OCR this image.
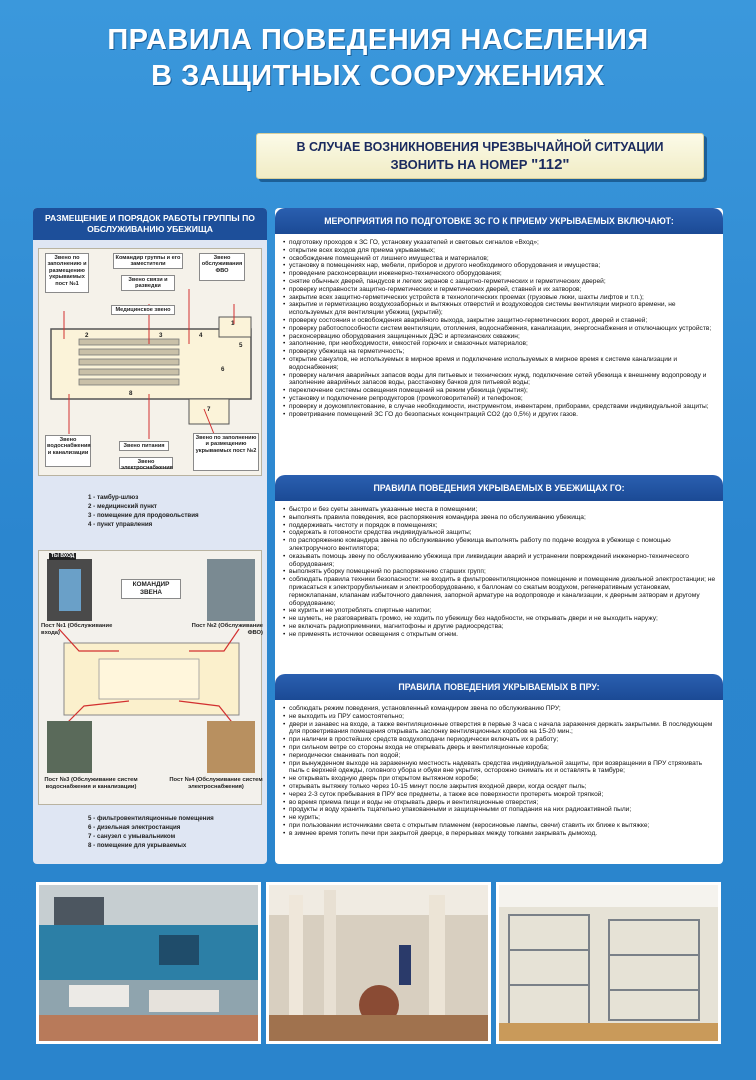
ПРАВИЛА ПОВЕДЕНИЯ НАСЕЛЕНИЯ
В ЗАЩИТНЫХ СООРУЖЕНИЯХ
В СЛУЧАЕ ВОЗНИКНОВЕНИЯ ЧРЕЗВЫЧАЙНОЙ СИТУАЦИИ
ЗВОНИТЬ НА НОМЕР "112"
РАЗМЕЩЕНИЕ И ПОРЯДОК РАБОТЫ ГРУППЫ ПО ОБСЛУЖИВАНИЮ УБЕЖИЩА
Звено по заполнению и размещению укрываемых пост №1
Командир группы и его заместители
Звено связи и разведки
Звено обслуживания ФВО
Медицинское звено
Звено водоснабжения и канализации
Звено питания
Звено электроснабжения
Звено по заполнению и размещению укрываемых пост №2
1
2	3	4
5
6
7
8
1 - тамбур-шлюз
2 - медицинский пункт
3 - помещение для продовольствия
4 - пункт управления
ТЫ ВХОД
КОМАНДИР ЗВЕНА
Пост №1 (Обслуживание входа)
Пост №2 (Обслуживание ФВО)
Пост №3 (Обслуживание систем водоснабжения и канализации)
Пост №4 (Обслуживание систем электроснабжения)
5 - фильтровентиляционные помещения
6 - дизельная электростанция
7 - санузел с умывальником
8 - помещение для укрываемых
МЕРОПРИЯТИЯ ПО ПОДГОТОВКЕ ЗС ГО К ПРИЕМУ УКРЫВАЕМЫХ ВКЛЮЧАЮТ:
• подготовку проходов к ЗС ГО, установку указателей и световых сигналов «Вход»;
• открытие всех входов для приема укрываемых;
• освобождение помещений от лишнего имущества и материалов;
• установку в помещениях нар, мебели, приборов и другого необходимого оборудования и имущества;
• проведение расконсервации инженерно-технического оборудования;
• снятие обычных дверей, пандусов и легких экранов с защитно-герметических и герметических дверей;
• проверку исправности защитно-герметических и герметических дверей, ставней и их затворов;
• закрытие всех защитно-герметических устройств в технологических проемах (грузовые люки, шахты лифтов и т.п.);
• закрытие и герметизацию воздухозаборных и вытяжных отверстий и воздуховодов системы вентиляции мирного времени, не используемых для вентиляции убежищ (укрытий);
• проверку состояния и освобождения аварийного выхода, закрытие защитно-герметических ворот, дверей и ставней;
• проверку работоспособности систем вентиляции, отопления, водоснабжения, канализации, энергоснабжения и отключающих устройств;
• расконсервацию оборудования защищенных ДЭС и артезианских скважин;
• заполнение, при необходимости, емкостей горючих и смазочных материалов;
• проверку убежища на герметичность;
• открытие санузлов, не используемых в мирное время и подключение используемых в мирное время к системе канализации и водоснабжения;
• проверку наличия аварийных запасов воды для питьевых и технических нужд, подключение сетей убежища к внешнему водопроводу и заполнение аварийных запасов воды, расстановку бачков для питьевой воды;
• переключение системы освещения помещений на режим убежища (укрытия);
• установку и подключение репродукторов (громкоговорителей) и телефонов;
• проверку и доукомплектование, в случае необходимости, инструментом, инвентарем, приборами, средствами индивидуальной защиты;
• проветривание помещений ЗС ГО до безопасных концентраций СО2 (до 0,5%) и других газов.
ПРАВИЛА ПОВЕДЕНИЯ УКРЫВАЕМЫХ В УБЕЖИЩАХ ГО:
• быстро и без суеты занимать указанные места в помещении;
• выполнять правила поведения, все распоряжения командира звена по обслуживанию убежища;
• поддерживать чистоту и порядок в помещениях;
• содержать в готовности средства индивидуальной защиты;
• по распоряжению командира звена по обслуживанию убежища выполнять работу по подаче воздуха в убежище с помощью электроручного вентилятора;
• оказывать помощь звену по обслуживанию убежища при ликвидации аварий и устранении повреждений инженерно-технического оборудования;
• выполнять уборку помещений по распоряжению старших групп;
• соблюдать правила техники безопасности: не входить в фильтровентиляционное помещение и помещение дизельной электростанции; не прикасаться к электрорубильникам и электрооборудованию, к баллонам со сжатым воздухом, регенеративным установкам, гермоклапанам, клапанам избыточного давления, запорной арматуре на водопроводе и канализации, к дверным затворам и другому оборудованию;
• не курить и не употреблять спиртные напитки;
• не шуметь, не разговаривать громко, не ходить по убежищу без надобности, не открывать двери и не выходить наружу;
• не включать радиоприемники, магнитофоны и другие радиосредства;
• не применять источники освещения с открытым огнем.
ПРАВИЛА ПОВЕДЕНИЯ УКРЫВАЕМЫХ В ПРУ:
• соблюдать режим поведения, установленный командиром звена по обслуживанию ПРУ;
• не выходить из ПРУ самостоятельно;
• двери и занавес на входе, а также вентиляционные отверстия в первые 3 часа с начала заражения держать закрытыми. В последующем для проветривания помещения открывать заслонку вентиляционных коробов на 15-20 мин.;
• при наличии в простейших средств воздухоподачи периодически включать их в работу;
• при сильном ветре со стороны входа не открывать дверь и вентиляционные короба;
• периодически сманивать пол водой;
• при вынужденном выходе на зараженную местность надевать средства индивидуальной защиты, при возвращении в ПРУ стряхивать пыль с верхней одежды, головного убора и обуви вне укрытия, осторожно снимать их и оставлять в тамбуре;
• не открывать входную дверь при открытом вытяжном коробе;
• открывать вытяжку только через 10-15 минут после закрытия входной двери, когда осядет пыль;
• через 2-3 суток пребывания в ПРУ все предметы, а также все поверхности протереть мокрой тряпкой;
• во время приема пищи и воды не открывать дверь и вентиляционные отверстия;
• продукты и воду хранить тщательно упакованными и защищенными от попадания на них радиоактивной пыли;
• не курить;
• при пользовании источниками света с открытым пламенем (керосиновые лампы, свечи) ставить их ближе к вытяжке;
• в зимнее время топить печи при закрытой дверце, в перерывах между топками закрывать дымоход.
